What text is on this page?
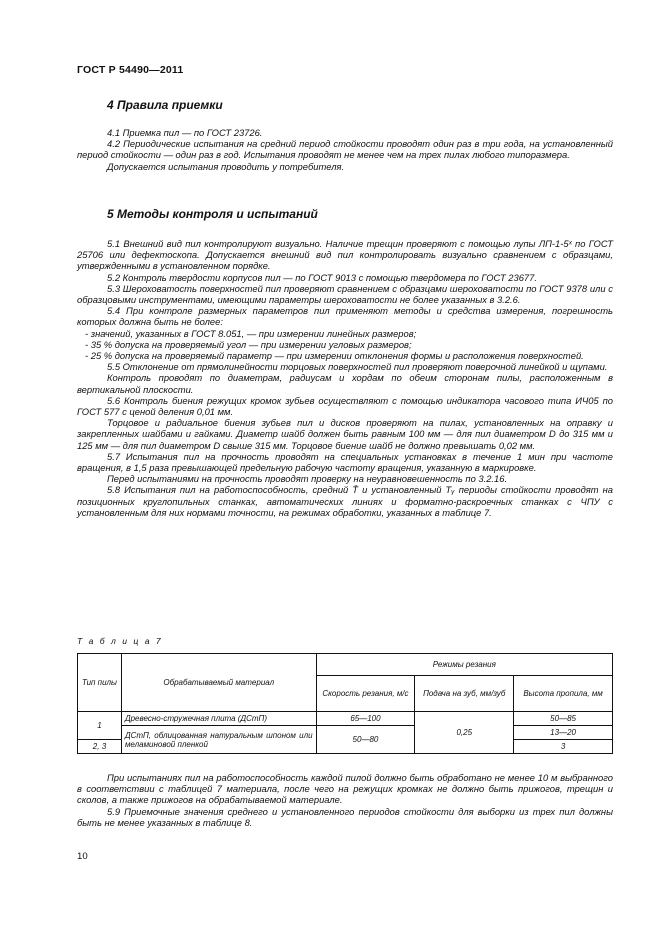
ГОСТ Р 54490—2011
4 Правила приемки

4.1 Приемка пил — по ГОСТ 23726.

4.2 Периодические испытания на средний период стойкости проводят один раз в три года, на установленный период стойкости — один раз в год. Испытания проводят не менее чем на трех пилах любого типоразмера.

Допускается испытания проводить у потребителя.

5 Методы контроля и испытаний

5.1 Внешний вид пил контролируют визуально. Наличие трещин проверяют с помощью лупы ЛП-1-5ˣ по ГОСТ 25706 или дефектоскопа. Допускается внешний вид пил контролировать визуально сравнением с образцами, утвержденными в установленном порядке.

5.2 Контроль твердости корпусов пил — по ГОСТ 9013 с помощью твердомера по ГОСТ 23677.

5.3 Шероховатость поверхностей пил проверяют сравнением с образцами шероховатости по ГОСТ 9378 или с образцовыми инструментами, имеющими параметры шероховатости не более указанных в 3.2.6.

5.4 При контроле размерных параметров пил применяют методы и средства измерения, погрешность которых должна быть не более:

- значений, указанных в ГОСТ 8.051, — при измерении линейных размеров;

- 35 % допуска на проверяемый угол — при измерении угловых размеров;

- 25 % допуска на проверяемый параметр — при измерении отклонения формы и расположения поверхностей.

5.5 Отклонение от прямолинейности торцовых поверхностей пил проверяют поверочной линейкой и щупами.

Контроль проводят по диаметрам, радиусам и хордам по обеим сторонам пилы, расположенным в вертикальной плоскости.

5.6 Контроль биения режущих кромок зубьев осуществляют с помощью индикатора часового типа ИЧ05 по ГОСТ 577 с ценой деления 0,01 мм.

Торцовое и радиальное биения зубьев пил и дисков проверяют на пилах, установленных на оправку и закрепленных шайбами и гайками. Диаметр шайб должен быть равным 100 мм — для пил диаметром D до 315 мм и 125 мм — для пил диаметром D свыше 315 мм. Торцовое биение шайб не должно превышать 0,02 мм.

5.7 Испытания пил на прочность проводят на специальных установках в течение 1 мин при частоте вращения, в 1,5 раза превышающей предельную рабочую частоту вращения, указанную в маркировке.

Перед испытаниями на прочность проводят проверку на неуравновешенность по 3.2.16.

5.8 Испытания пил на работоспособность, средний T̄ и установленный Tᵧ периоды стойкости проводят на позиционных круглопильных станках, автоматических линиях и форматно-раскроечных станках с ЧПУ с установленным для них нормами точности, на режимах обработки, указанных в таблице 7.

Т а б л и ц а 7
Тип пилы	Обрабатываемый материал	Режимы резания		
		Скорость резания, м/с	Подача на зуб, мм/зуб	Высота пропила, мм
1	Древесно-стружечная плита (ДСтП)	65—100	0,25	50—85
	ДСтП, облицованная натуральным шпоном или меламиновой пленкой	50—80		13—20
2, 3				3

При испытаниях пил на работоспособность каждой пилой должно быть обработано не менее 10 м выбранного в соответствии с таблицей 7 материала, после чего на режущих кромках не должно быть прижогов, трещин и сколов, а также прижогов на обрабатываемой материале.

5.9 Приемочные значения среднего и установленного периодов стойкости для выборки из трех пил должны быть не менее указанных в таблице 8.

10
